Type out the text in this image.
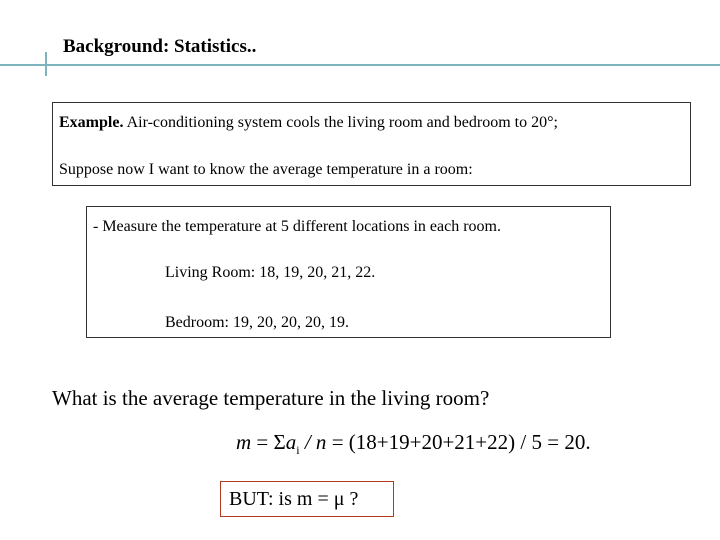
Background: Statistics..
Example. Air-conditioning system cools the living room and bedroom to 20°;
Suppose now I want to know the average temperature in a room:
- Measure the temperature at 5 different locations in each room.
Living Room: 18, 19, 20, 21, 22.
Bedroom: 19, 20, 20, 20, 19.
What is the average temperature in the living room?
$m = \Sigma a_i / n = (18+19+20+21+22) / 5 = 20$.
BUT: is m = μ ?
